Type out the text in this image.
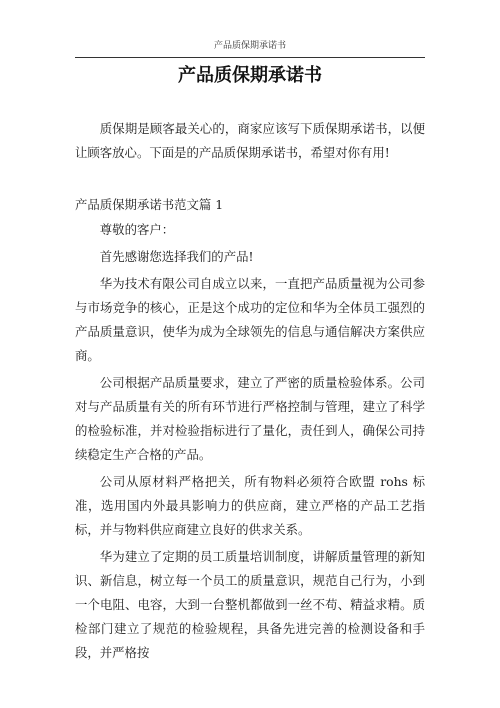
产品质保期承诺书
产品质保期承诺书

质保期是顾客最关心的，商家应该写下质保期承诺书，以便让顾客放心。下面是的产品质保期承诺书，希望对你有用!

产品质保期承诺书范文篇 1

尊敬的客户：

首先感谢您选择我们的产品!

华为技术有限公司自成立以来，一直把产品质量视为公司参与市场竞争的核心，正是这个成功的定位和华为全体员工强烈的产品质量意识，使华为成为全球领先的信息与通信解决方案供应商。

公司根据产品质量要求，建立了严密的质量检验体系。公司对与产品质量有关的所有环节进行严格控制与管理，建立了科学的检验标准，并对检验指标进行了量化，责任到人，确保公司持续稳定生产合格的产品。

公司从原材料严格把关，所有物料必须符合欧盟 rohs 标准，选用国内外最具影响力的供应商，建立严格的产品工艺指标，并与物料供应商建立良好的供求关系。

华为建立了定期的员工质量培训制度，讲解质量管理的新知识、新信息，树立每一个员工的质量意识，规范自己行为，小到一个电阻、电容，大到一台整机都做到一丝不苟、精益求精。质检部门建立了规范的检验规程，具备先进完善的检测设备和手段，并严格按
